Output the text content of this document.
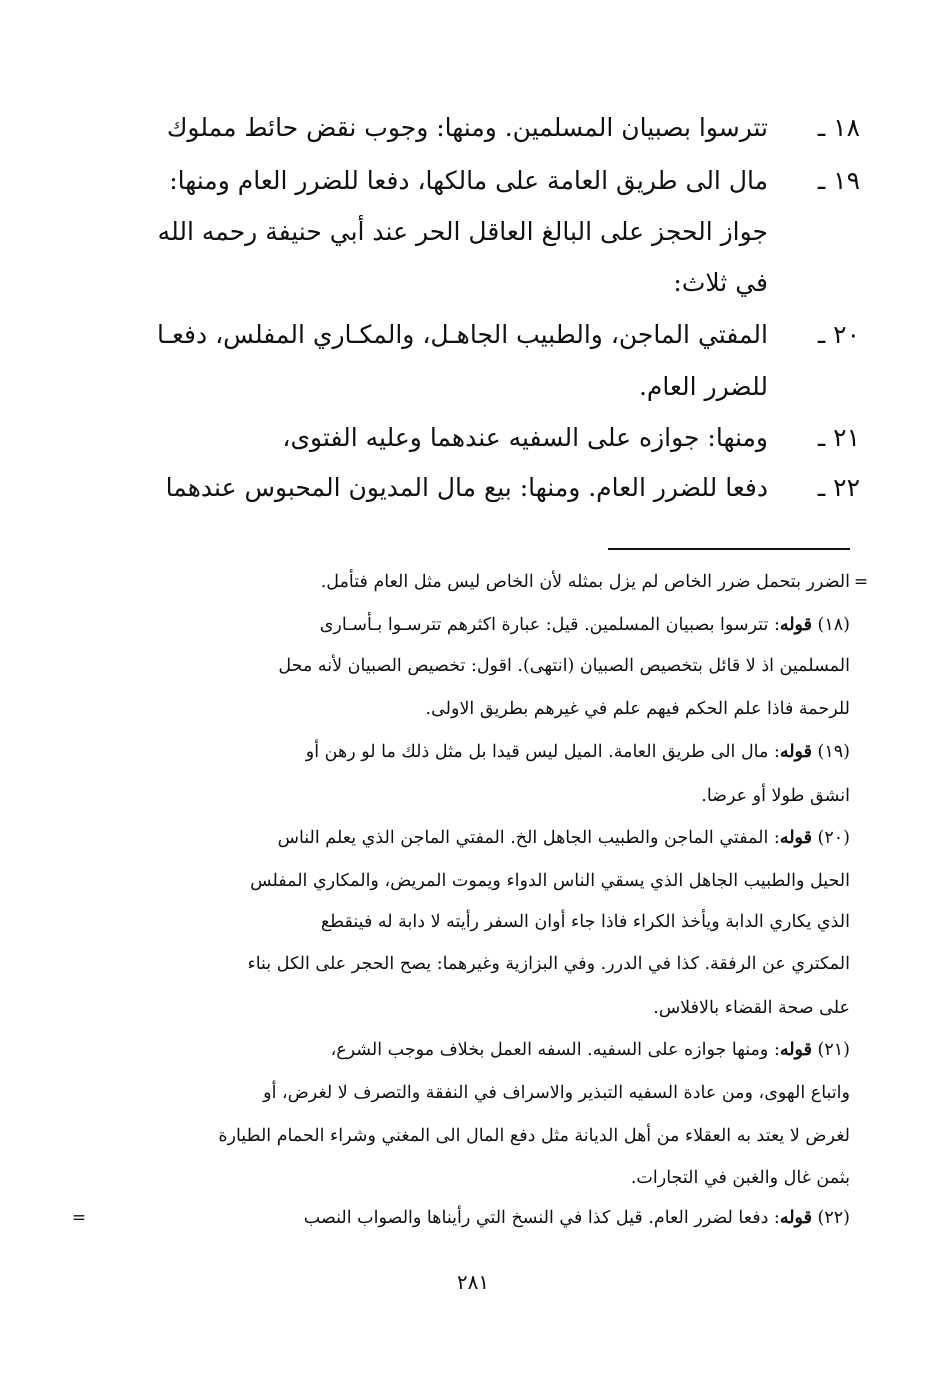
١٨ ـ
تترسوا بصبيان المسلمين. ومنها: وجوب نقض حائط مملوك
١٩ ـ
مال الى طريق العامة على مالكها، دفعا للضرر العام ومنها:
جواز الحجز على البالغ العاقل الحر عند أبي حنيفة رحمه الله
في ثلاث:
٢٠ ـ
المفتي الماجن، والطبيب الجاهـل، والمكـاري المفلس، دفعـا
للضرر العام.
٢١ ـ
ومنها: جوازه على السفيه عندهما وعليه الفتوى،
٢٢ ـ
دفعا للضرر العام. ومنها: بيع مال المديون المحبوس عندهما
=
الضرر بتحمل ضرر الخاص لم يزل بمثله لأن الخاص ليس مثل العام فتأمل.
(١٨) قوله: تترسوا بصبيان المسلمين. قيل: عبارة اكثرهم تترسـوا بـأسـارى
المسلمين اذ لا قائل بتخصيص الصبيان (انتهى). اقول: تخصيص الصبيان لأنه محل
للرحمة فاذا علم الحكم فيهم علم في غيرهم بطريق الاولى.
(١٩) قوله: مال الى طريق العامة. الميل ليس قيدا بل مثل ذلك ما لو رهن أو
انشق طولا أو عرضا.
(٢٠) قوله: المفتي الماجن والطبيب الجاهل الخ. المفتي الماجن الذي يعلم الناس
الحيل والطبيب الجاهل الذي يسقي الناس الدواء ويموت المريض، والمكاري المفلس
الذي يكاري الدابة ويأخذ الكراء فاذا جاء أوان السفر رأيته لا دابة له فينقطع
المكتري عن الرفقة. كذا في الدرر. وفي البزازية وغيرهما: يصح الحجر على الكل بناء
على صحة القضاء بالافلاس.
(٢١) قوله: ومنها جوازه على السفيه. السفه العمل بخلاف موجب الشرع،
واتباع الهوى، ومن عادة السفيه التبذير والاسراف في النفقة والتصرف لا لغرض، أو
لغرض لا يعتد به العقلاء من أهل الديانة مثل دفع المال الى المغني وشراء الحمام الطيارة
بثمن غال والغبن في التجارات.
(٢٢) قوله: دفعا لضرر العام. قيل كذا في النسخ التي رأيناها والصواب النصب
=
٢٨١
